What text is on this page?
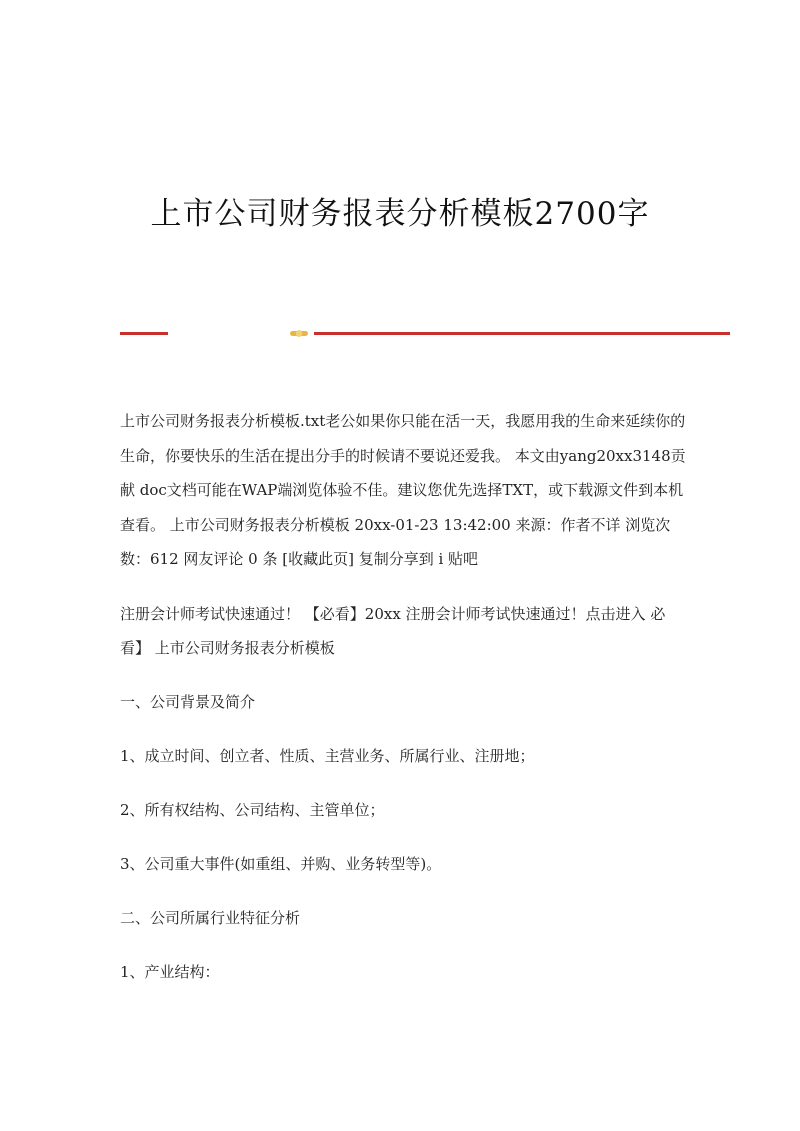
上市公司财务报表分析模板2700字

上市公司财务报表分析模板.txt老公如果你只能在活一天，我愿用我的生命来延续你的生命，你要快乐的生活在提出分手的时候请不要说还爱我。 本文由yang20xx3148贡献 doc文档可能在WAP端浏览体验不佳。建议您优先选择TXT，或下载源文件到本机查看。 上市公司财务报表分析模板 20xx-01-23 13:42:00 来源：作者不详 浏览次数：612 网友评论 0 条 [收藏此页] 复制分享到 i 贴吧

注册会计师考试快速通过！ 【必看】20xx 注册会计师考试快速通过！点击进入 必看】 上市公司财务报表分析模板

一、公司背景及简介

1、成立时间、创立者、性质、主营业务、所属行业、注册地；

2、所有权结构、公司结构、主管单位；

3、公司重大事件(如重组、并购、业务转型等)。

二、公司所属行业特征分析

1、产业结构：
